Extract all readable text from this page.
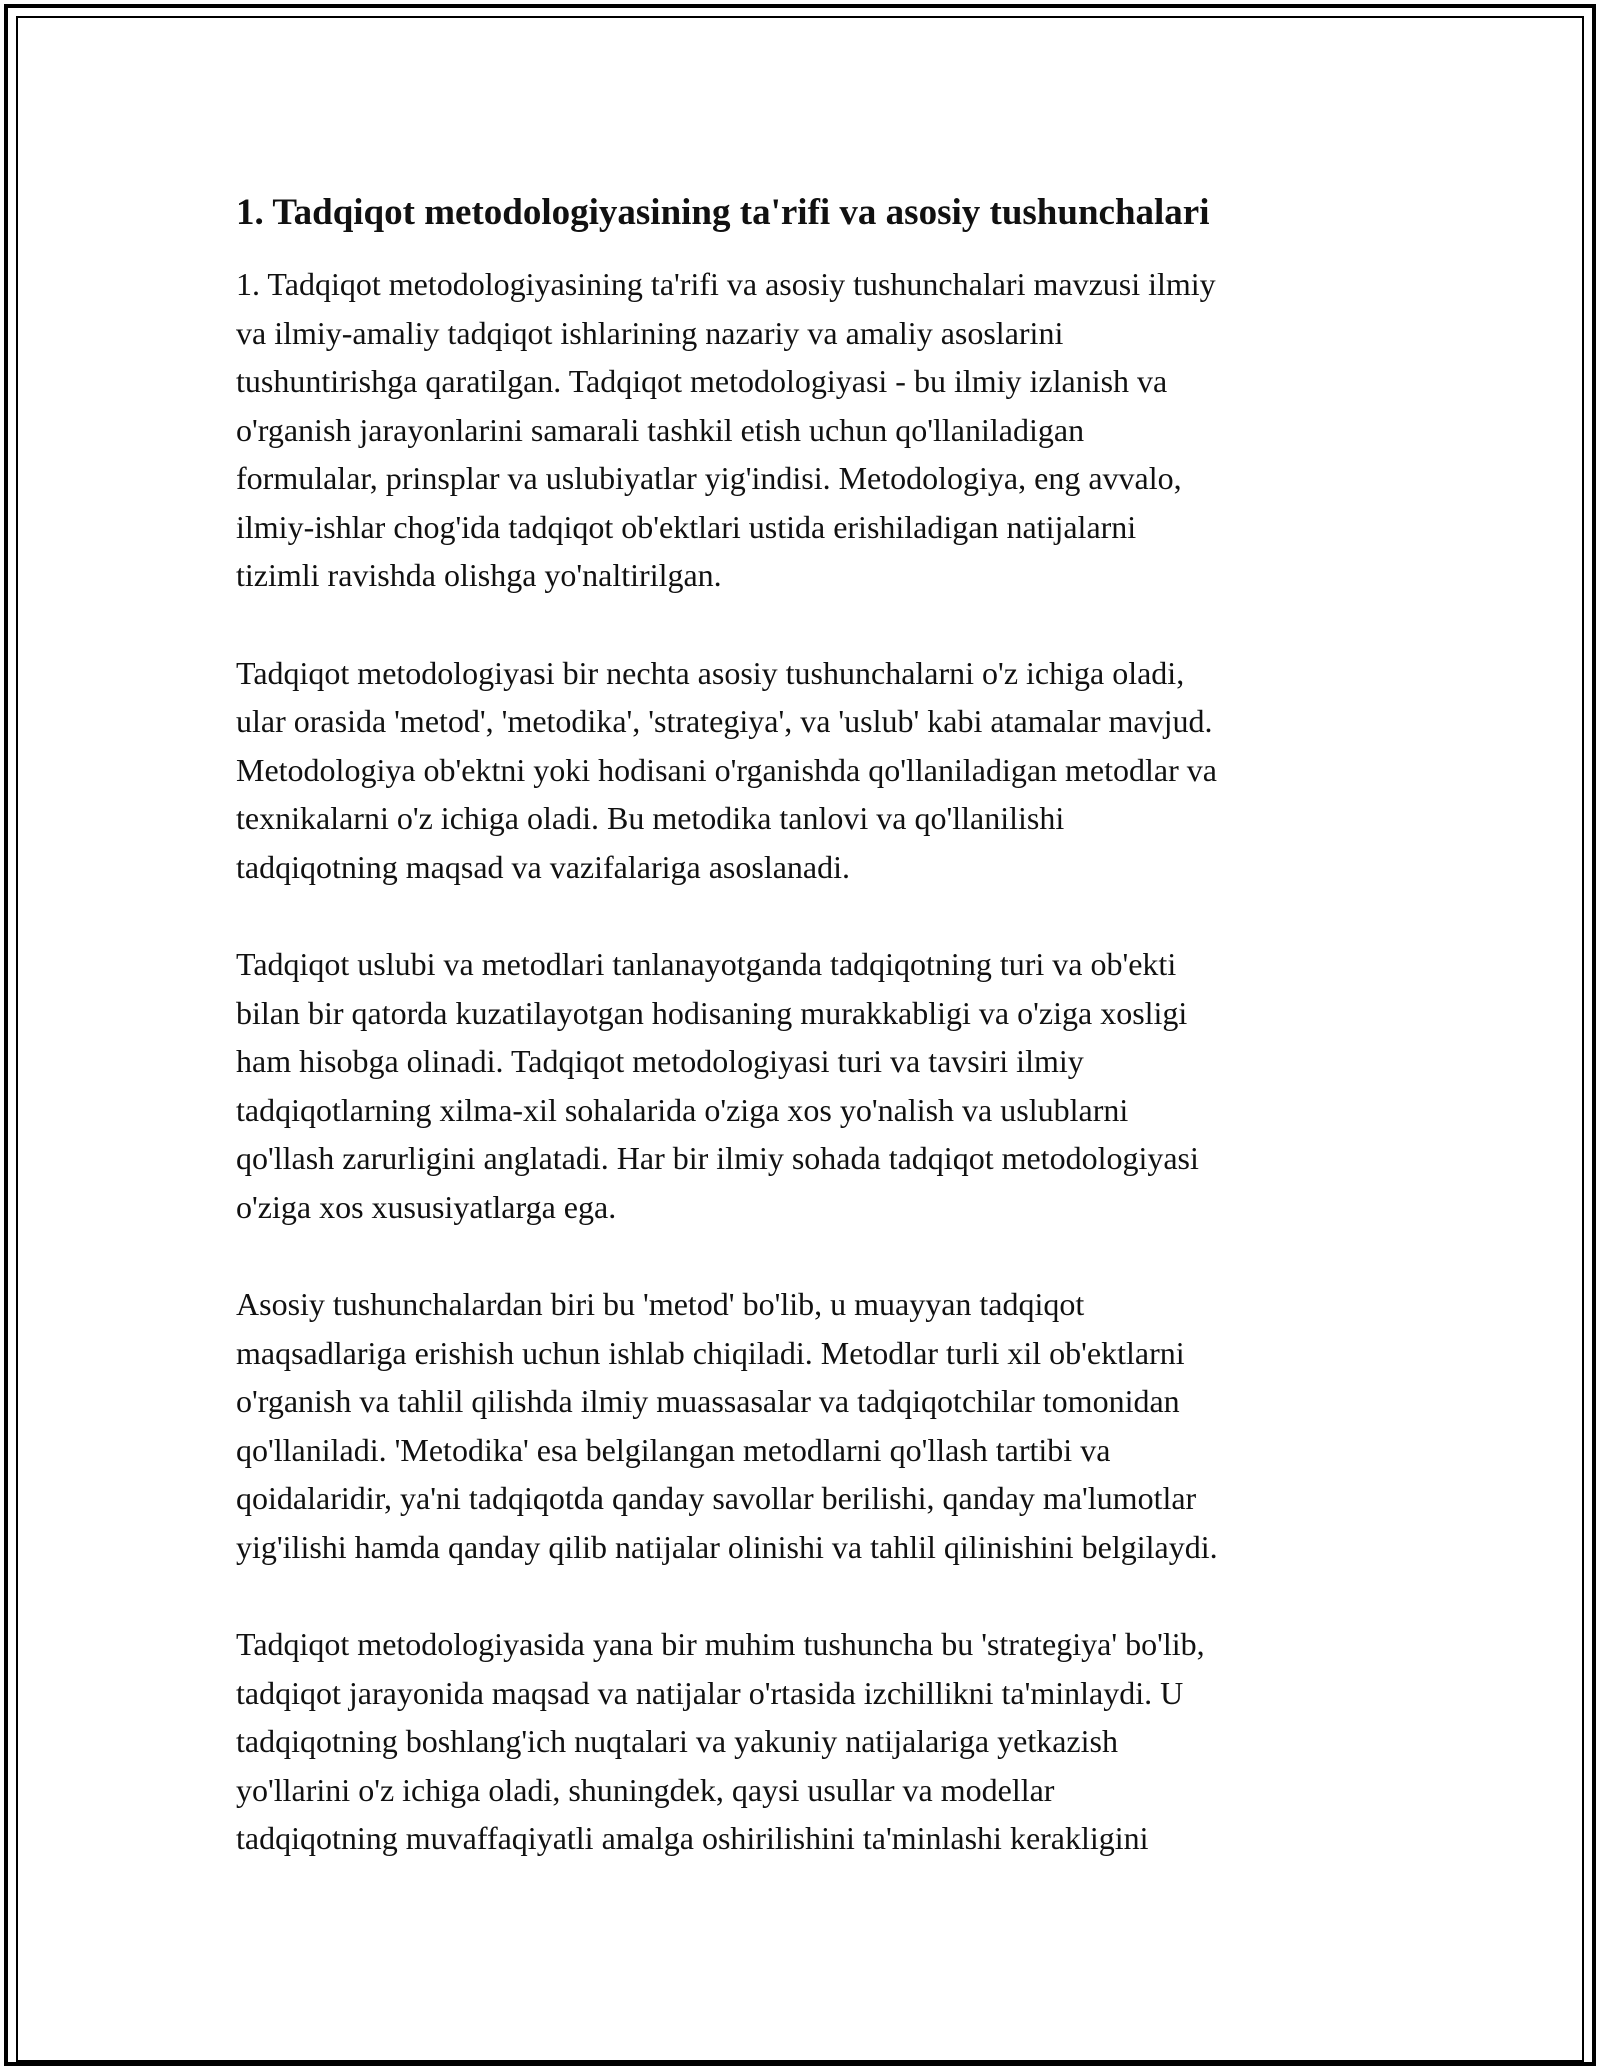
1. Tadqiqot metodologiyasining ta'rifi va asosiy tushunchalari

1. Tadqiqot metodologiyasining ta'rifi va asosiy tushunchalari mavzusi ilmiy
va ilmiy-amaliy tadqiqot ishlarining nazariy va amaliy asoslarini
tushuntirishga qaratilgan. Tadqiqot metodologiyasi - bu ilmiy izlanish va
o'rganish jarayonlarini samarali tashkil etish uchun qo'llaniladigan
formulalar, prinsplar va uslubiyatlar yig'indisi. Metodologiya, eng avvalo,
ilmiy-ishlar chog'ida tadqiqot ob'ektlari ustida erishiladigan natijalarni
tizimli ravishda olishga yo'naltirilgan.

Tadqiqot metodologiyasi bir nechta asosiy tushunchalarni o'z ichiga oladi,
ular orasida 'metod', 'metodika', 'strategiya', va 'uslub' kabi atamalar mavjud.
Metodologiya ob'ektni yoki hodisani o'rganishda qo'llaniladigan metodlar va
texnikalarni o'z ichiga oladi. Bu metodika tanlovi va qo'llanilishi
tadqiqotning maqsad va vazifalariga asoslanadi.

Tadqiqot uslubi va metodlari tanlanayotganda tadqiqotning turi va ob'ekti
bilan bir qatorda kuzatilayotgan hodisaning murakkabligi va o'ziga xosligi
ham hisobga olinadi. Tadqiqot metodologiyasi turi va tavsiri ilmiy
tadqiqotlarning xilma-xil sohalarida o'ziga xos yo'nalish va uslublarni
qo'llash zarurligini anglatadi. Har bir ilmiy sohada tadqiqot metodologiyasi
o'ziga xos xususiyatlarga ega.

Asosiy tushunchalardan biri bu 'metod' bo'lib, u muayyan tadqiqot
maqsadlariga erishish uchun ishlab chiqiladi. Metodlar turli xil ob'ektlarni
o'rganish va tahlil qilishda ilmiy muassasalar va tadqiqotchilar tomonidan
qo'llaniladi. 'Metodika' esa belgilangan metodlarni qo'llash tartibi va
qoidalaridir, ya'ni tadqiqotda qanday savollar berilishi, qanday ma'lumotlar
yig'ilishi hamda qanday qilib natijalar olinishi va tahlil qilinishini belgilaydi.

Tadqiqot metodologiyasida yana bir muhim tushuncha bu 'strategiya' bo'lib,
tadqiqot jarayonida maqsad va natijalar o'rtasida izchillikni ta'minlaydi. U
tadqiqotning boshlang'ich nuqtalari va yakuniy natijalariga yetkazish
yo'llarini o'z ichiga oladi, shuningdek, qaysi usullar va modellar
tadqiqotning muvaffaqiyatli amalga oshirilishini ta'minlashi kerakligini
